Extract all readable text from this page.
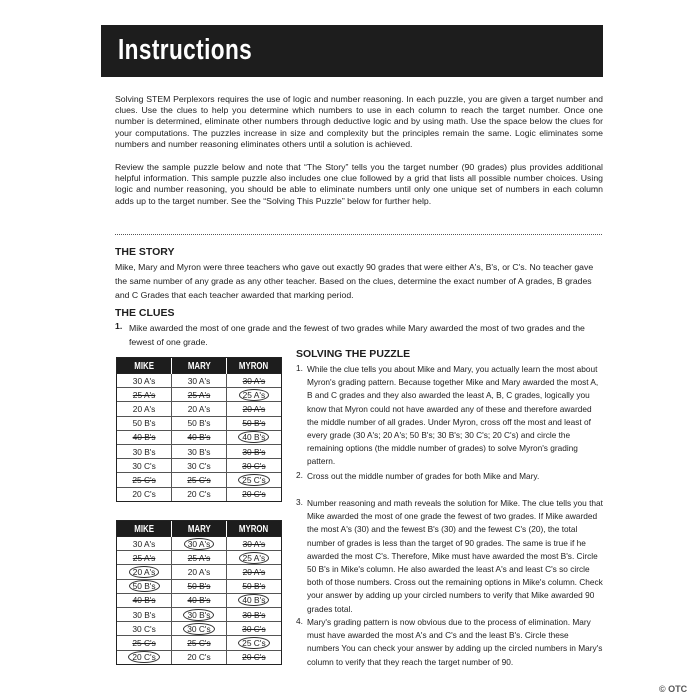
Instructions

Solving STEM Perplexors requires the use of logic and number reasoning. In each puzzle, you are given a target number and clues. Use the clues to help you determine which numbers to use in each column to reach the target number. Once one number is determined, eliminate other numbers through deductive logic and by using math. Use the space below the clues for your computations. The puzzles increase in size and complexity but the principles remain the same. Logic eliminates some numbers and number reasoning eliminates others until a solution is achieved.

Review the sample puzzle below and note that “The Story” tells you the target number (90 grades) plus provides additional helpful information. This sample puzzle also includes one clue followed by a grid that lists all possible number choices. Using logic and number reasoning, you should be able to eliminate numbers until only one unique set of numbers in each column adds up to the target number. See the “Solving This Puzzle” below for further help.

THE STORY

Mike, Mary and Myron were three teachers who gave out exactly 90 grades that were either A's, B's, or C's. No teacher gave the same number of any grade as any other teacher. Based on the clues, determine the exact number of A grades, B grades and C Grades that each teacher awarded that marking period.

THE CLUES
1. Mike awarded the most of one grade and the fewest of two grades while Mary awarded the most of two grades and the fewest of one grade.

MIKE	MARY	MYRON
30 A's	30 A's	30 A's
25 A's	25 A's	25 A's
20 A's	20 A's	20 A's
50 B's	50 B's	50 B's
40 B's	40 B's	40 B's
30 B's	30 B's	30 B's
30 C's	30 C's	30 C's
25 C's	25 C's	25 C's
20 C's	20 C's	20 C's
MIKE	MARY	MYRON
30 A's	30 A's	30 A's
25 A's	25 A's	25 A's
20 A's	20 A's	20 A's
50 B's	50 B's	50 B's
40 B's	40 B's	40 B's
30 B's	30 B's	30 B's
30 C's	30 C's	30 C's
25 C's	25 C's	25 C's
20 C's	20 C's	20 C's
SOLVING THE PUZZLE
1. While the clue tells you about Mike and Mary, you actually learn the most about Myron's grading pattern. Because together Mike and Mary awarded the most A, B and C grades and they also awarded the least A, B, C grades, logically you know that Myron could not have awarded any of these and therefore awarded the middle number of all grades. Under Myron, cross off the most and least of every grade (30 A's; 20 A's; 50 B's; 30 B's; 30 C's; 20 C's) and circle the remaining options (the middle number of grades) to solve Myron's grading pattern.

2. Cross out the middle number of grades for both Mike and Mary.

3. Number reasoning and math reveals the solution for Mike. The clue tells you that Mike awarded the most of one grade the fewest of two grades. If Mike awarded the most A's (30) and the fewest B's (30) and the fewest C's (20), the total number of grades is less than the target of 90 grades. The same is true if he awarded the most C's. Therefore, Mike must have awarded the most B's. Circle 50 B's in Mike's column. He also awarded the least A's and least C's so circle both of those numbers. Cross out the remaining options in Mike's column. Check your answer by adding up your circled numbers to verify that Mike awarded 90 grades total.

4. Mary's grading pattern is now obvious due to the process of elimination. Mary must have awarded the most A's and C's and the least B's. Circle these numbers You can check your answer by adding up the circled numbers in Mary's column to verify that they reach the target number of 90.

© OTC
